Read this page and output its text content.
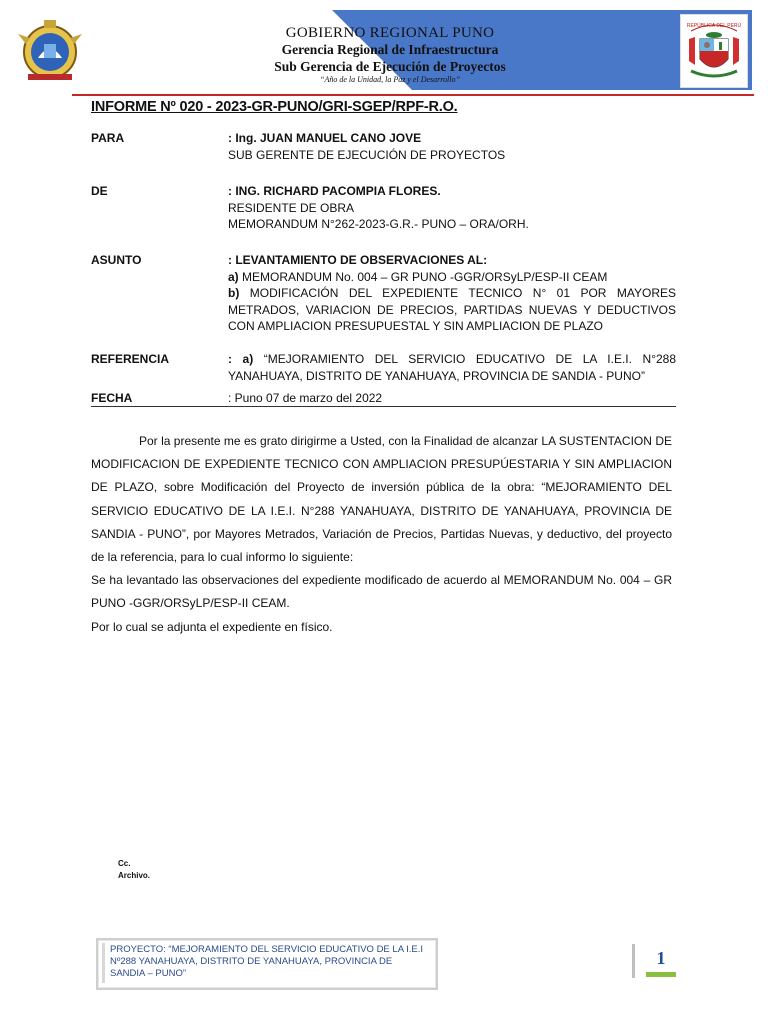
REPÚBLICA DEL PERÚ
GOBIERNO REGIONAL PUNO
Gerencia Regional de Infraestructura
Sub Gerencia de Ejecución de Proyectos
“Año de la Unidad, la Paz y el Desarrollo”
INFORME Nº 020 - 2023-GR-PUNO/GRI-SGEP/RPF-R.O.
PARA	: Ing. JUAN MANUEL CANO JOVE
SUB GERENTE DE EJECUCIÓN DE PROYECTOS
DE	: ING. RICHARD PACOMPIA FLORES.
RESIDENTE DE OBRA
MEMORANDUM N°262-2023-G.R.- PUNO – ORA/ORH.
ASUNTO	: LEVANTAMIENTO DE OBSERVACIONES AL:
a) MEMORANDUM No. 004 – GR PUNO -GGR/ORSyLP/ESP-II CEAM
b) MODIFICACIÓN DEL EXPEDIENTE TECNICO N° 01 POR MAYORES METRADOS, VARIACION DE PRECIOS, PARTIDAS NUEVAS Y DEDUCTIVOS CON AMPLIACION PRESUPUESTAL Y SIN AMPLIACION DE PLAZO
REFERENCIA	: a) “MEJORAMIENTO DEL SERVICIO EDUCATIVO DE LA I.E.I. N°288 YANAHUAYA, DISTRITO DE YANAHUAYA, PROVINCIA DE SANDIA - PUNO”
FECHA	: Puno 07 de marzo del 2022

Por la presente me es grato dirigirme a Usted, con la Finalidad de alcanzar LA SUSTENTACION DE MODIFICACION DE EXPEDIENTE TECNICO CON AMPLIACION PRESUPÚESTARIA Y SIN AMPLIACION DE PLAZO, sobre Modificación del Proyecto de inversión pública de la obra: “MEJORAMIENTO DEL SERVICIO EDUCATIVO DE LA I.E.I. N°288 YANAHUAYA, DISTRITO DE YANAHUAYA, PROVINCIA DE SANDIA - PUNO”, por Mayores Metrados, Variación de Precios, Partidas Nuevas, y deductivo, del proyecto de la referencia, para lo cual informo lo siguiente:

Se ha levantado las observaciones del expediente modificado de acuerdo al MEMORANDUM No. 004 – GR PUNO -GGR/ORSyLP/ESP-II CEAM.

Por lo cual se adjunta el expediente en físico.

Cc.
Archivo.
PROYECTO: “MEJORAMIENTO DEL SERVICIO EDUCATIVO DE LA I.E.I Nº288 YANAHUAYA, DISTRITO DE YANAHUAYA, PROVINCIA DE SANDIA – PUNO”
1
